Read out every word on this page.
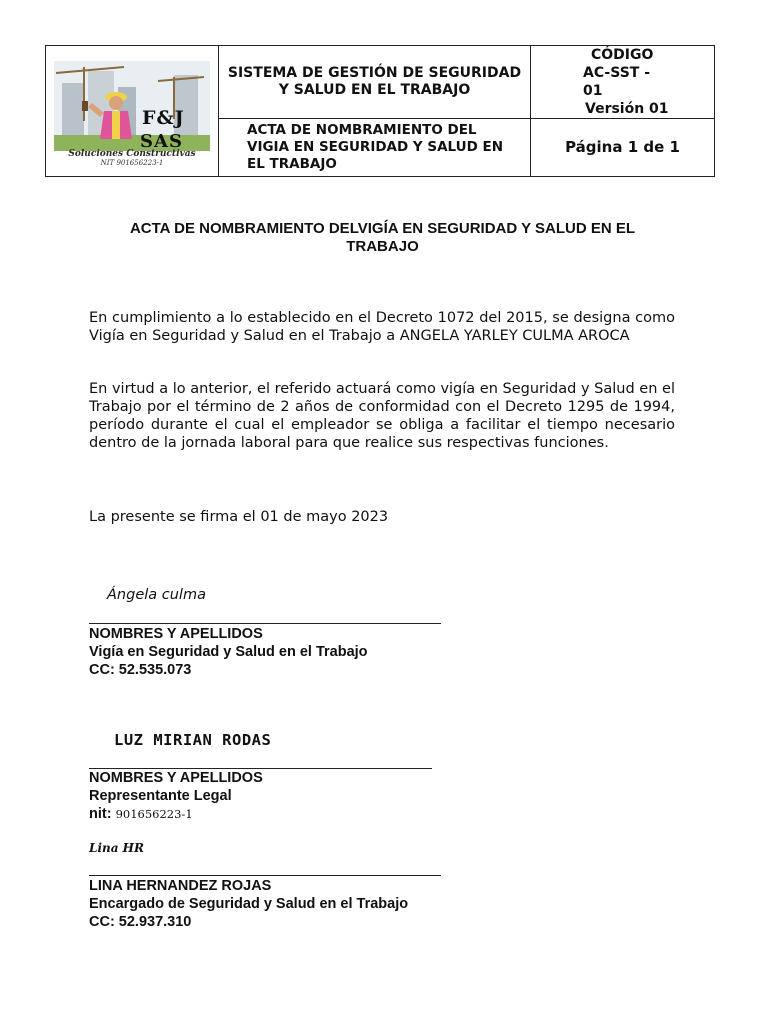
F&J
SAS
Soluciones Constructivas
NIT 901656223-1	SISTEMA DE GESTIÓN DE SEGURIDAD Y SALUD EN EL TRABAJO	CÓDIGO
AC-SST -
01
Versión 01

	ACTA DE NOMBRAMIENTO DEL VIGIA EN SEGURIDAD Y SALUD EN EL TRABAJO	Página 1 de 1
ACTA DE NOMBRAMIENTO DELVIGÍA EN SEGURIDAD Y SALUD EN EL TRABAJO

En cumplimiento a lo establecido en el Decreto 1072 del 2015, se designa como Vigía en Seguridad y Salud en el Trabajo a ANGELA YARLEY CULMA AROCA

En virtud a lo anterior, el referido actuará como vigía en Seguridad y Salud en el Trabajo por el término de 2 años de conformidad con el Decreto 1295 de 1994, período durante el cual el empleador se obliga a facilitar el tiempo necesario dentro de la jornada laboral para que realice sus respectivas funciones.

La presente se firma el 01 de mayo 2023

Ángela culma
NOMBRES Y APELLIDOS
Vigía en Seguridad y Salud en el Trabajo
CC: 52.535.073
LUZ MIRIAN RODAS
NOMBRES Y APELLIDOS
Representante Legal
nit: 901656223-1
Lina HR
LINA HERNANDEZ ROJAS
Encargado de Seguridad y Salud en el Trabajo
CC: 52.937.310
